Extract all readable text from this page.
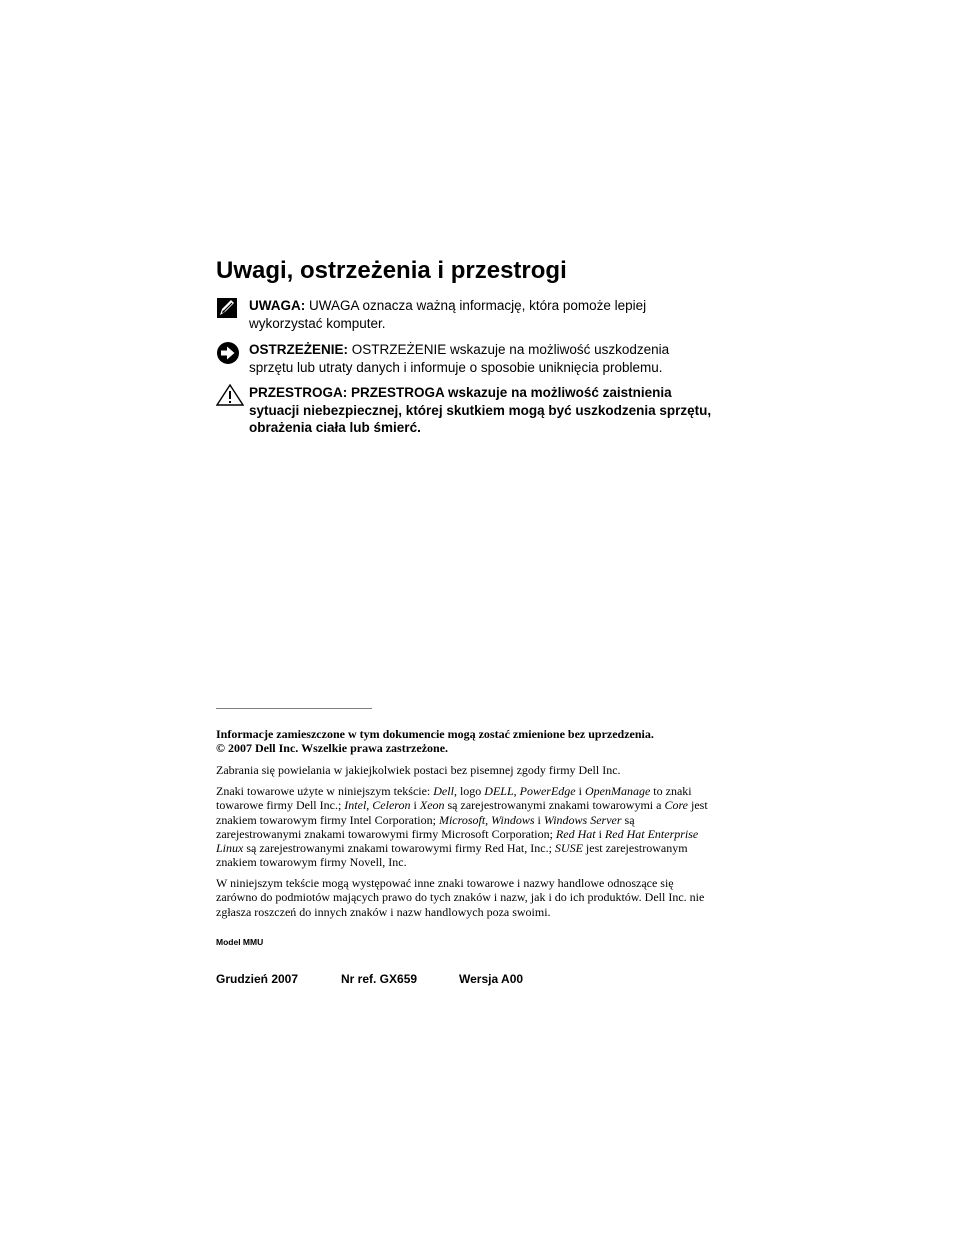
Uwagi, ostrzeżenia i przestrogi
UWAGA: UWAGA oznacza ważną informację, która pomoże lepiej wykorzystać komputer.
OSTRZEŻENIE: OSTRZEŻENIE wskazuje na możliwość uszkodzenia sprzętu lub utraty danych i informuje o sposobie uniknięcia problemu.
PRZESTROGA: PRZESTROGA wskazuje na możliwość zaistnienia sytuacji niebezpiecznej, której skutkiem mogą być uszkodzenia sprzętu, obrażenia ciała lub śmierć.

Informacje zamieszczone w tym dokumencie mogą zostać zmienione bez uprzedzenia.

© 2007 Dell Inc. Wszelkie prawa zastrzeżone.

Zabrania się powielania w jakiejkolwiek postaci bez pisemnej zgody firmy Dell Inc.

Znaki towarowe użyte w niniejszym tekście: Dell, logo DELL, PowerEdge i OpenManage to znaki towarowe firmy Dell Inc.; Intel, Celeron i Xeon są zarejestrowanymi znakami towarowymi a Core jest znakiem towarowym firmy Intel Corporation; Microsoft, Windows i Windows Server są zarejestrowanymi znakami towarowymi firmy Microsoft Corporation; Red Hat i Red Hat Enterprise Linux są zarejestrowanymi znakami towarowymi firmy Red Hat, Inc.; SUSE jest zarejestrowanym znakiem towarowym firmy Novell, Inc.

W niniejszym tekście mogą występować inne znaki towarowe i nazwy handlowe odnoszące się zarówno do podmiotów mających prawo do tych znaków i nazw, jak i do ich produktów. Dell Inc. nie zgłasza roszczeń do innych znaków i nazw handlowych poza swoimi.

Model MMU
Grudzień 2007	Nr ref. GX659	Wersja A00
